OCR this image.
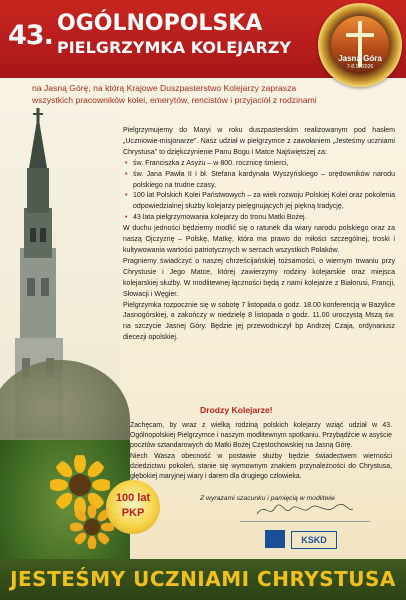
43. OGÓLNOPOLSKA
PIELGRZYMKA KOLEJARZY
Jasna Góra
7-8.11.2026
na Jasną Górę, na którą Krajowe Duszpasterstwo Kolejarzy zaprasza wszystkich pracowników kolei, emerytów, rencistów i przyjaciół z rodzinami
100 lat
PKP

Pielgrzymujemy do Maryi w roku duszpasterskim realizowanym pod hasłem „Uczniowie-misjonarze". Nasz udział w pielgrzymce z zawołaniem „Jesteśmy uczniami Chrystusa" to dziękczynienie Panu Bogu i Matce Najświętszej za:

• św. Franciszka z Asyżu – w 800. rocznicę śmierci,
• św. Jana Pawła II i bł. Stefana kardynała Wyszyńskiego – orędowników narodu polskiego na trudne czasy,
• 100 lat Polskich Kolei Państwowych – za wiek rozwoju Polskiej Kolei oraz pokolenia odpowiedzialnej służby kolejarzy pielęgnujących jej piękną tradycję,
• 43 lata pielgrzymowania kolejarzy do tronu Matki Bożej.

W duchu jedności będziemy modlić się o ratunek dla wiary narodu polskiego oraz za naszą Ojczyznę – Polskę, Matkę, która ma prawo do miłości szczególnej, troski i kultywowania wartości patriotycznych w sercach wszystkich Polaków.

Pragniemy świadczyć o naszej chrześcijańskiej tożsamości, o wiernym trwaniu przy Chrystusie i Jego Matce, której zawierzymy rodziny kolejarskie oraz miejsca kolejarskiej służby. W modlitewnej łączności będą z nami kolejarze z Białorusi, Francji, Słowacji i Węgier.

Pielgrzymka rozpocznie się w sobotę 7 listopada o godz. 18.00 konferencją w Bazylice Jasnogórskiej, a zakończy w niedzielę 8 listopada o godz. 11.00 uroczystą Mszą św. na szczycie Jasnej Góry. Będzie jej przewodniczył bp Andrzej Czaja, ordynariusz diecezji opolskiej.

Drodzy Kolejarze!

Zachęcam, by wraz z wielką rodziną polskich kolejarzy wziąć udział w 43. Ogólnopolskiej Pielgrzymce i naszym modlitewnym spotkaniu. Przybądźcie w asyście pocztów sztandarowych do Matki Bożej Częstochowskiej na Jasną Górę.

Niech Wasza obecność w postawie służby będzie świadectwem wierności dziedzictwu pokoleń, stanie się wymownym znakiem przynależności do Chrystusa, głębokiej maryjnej wiary i darem dla drugiego człowieka.

Z wyrazami szacunku i pamięcią w modlitwie
KSKD
JESTEŚMY UCZNIAMI CHRYSTUSA
